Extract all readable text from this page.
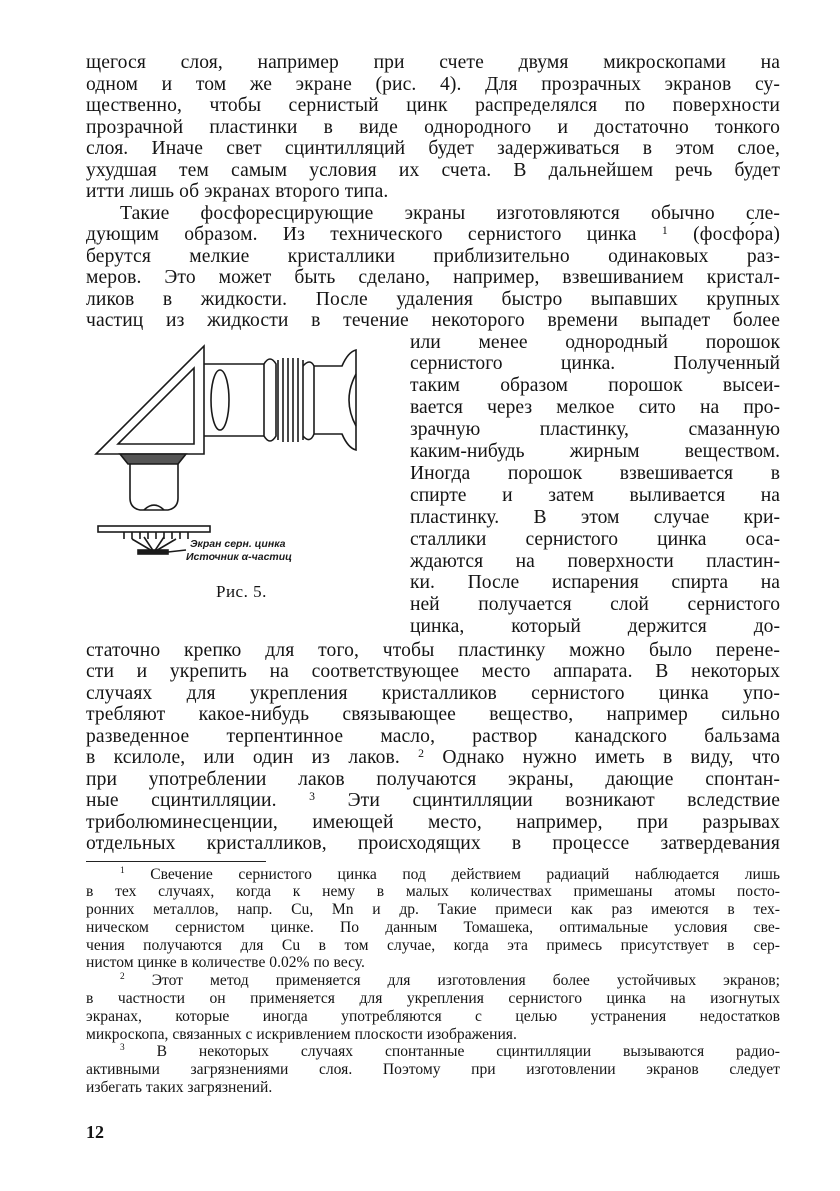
щегося слоя, например при счете двумя микроскопами на
одном и том же экране (рис. 4). Для прозрачных экранов су-
щественно, чтобы сернистый цинк распределялся по поверхности
прозрачной пластинки в виде однородного и достаточно тонкого
слоя. Иначе свет сцинтилляций будет задерживаться в этом слое,
ухудшая тем самым условия их счета. В дальнейшем речь будет
итти лишь об экранах второго типа.
Такие фосфоресцирующие экраны изготовляются обычно сле-
дующим образом. Из технического сернистого цинка $^1$ (фосфо́ра)
берутся мелкие кристаллики приблизительно одинаковых раз-
меров. Это может быть сделано, например, взвешиванием кристал-
ликов в жидкости. После удаления быстро выпавших крупных
частиц из жидкости в течение некоторого времени выпадет более
Экран серн. цинка
Источник α-частиц
Рис. 5.
или менее однородный порошок
сернистого цинка. Полученный
таким образом порошок высеи-
вается через мелкое сито на про-
зрачную пластинку, смазанную
каким-нибудь жирным веществом.
Иногда порошок взвешивается в
спирте и затем выливается на
пластинку. В этом случае кри-
сталлики сернистого цинка оса-
ждаются на поверхности пластин-
ки. После испарения спирта на
ней получается слой сернистого
цинка, который держится до-
статочно крепко для того, чтобы пластинку можно было перене-
сти и укрепить на соответствующее место аппарата. В некоторых
случаях для укрепления кристалликов сернистого цинка упо-
требляют какое-нибудь связывающее вещество, например сильно
разведенное терпентинное масло, раствор канадского бальзама
в ксилоле, или один из лаков. $^2$ Однако нужно иметь в виду, что
при употреблении лаков получаются экраны, дающие спонтан-
ные сцинтилляции.	$^3$ Эти сцинтилляции возникают вследствие
триболюминесценции, имеющей место, например, при разрывах
отдельных кристалликов, происходящих в процессе затвердевания
$^1$ Свечение сернистого цинка под действием радиаций наблюдается лишь
в тех случаях, когда к нему в малых количествах примешаны атомы посто-
ронних металлов, напр. Cu, Mn и др. Такие примеси как раз имеются в тех-
ническом сернистом цинке. По данным Томашека, оптимальные условия све-
чения получаются для Cu в том случае, когда эта примесь присутствует в сер-
нистом цинке в количестве 0.02% по весу.
$^2$ Этот метод применяется для изготовления более устойчивых экранов;
в частности он применяется для укрепления сернистого цинка на изогнутых
экранах, которые иногда употребляются с целью устранения недостатков
микроскопа, связанных с искривлением плоскости изображения.
$^3$ В некоторых случаях спонтанные сцинтилляции вызываются радио-
активными загрязнениями слоя. Поэтому при изготовлении экранов следует
избегать таких загрязнений.
12
